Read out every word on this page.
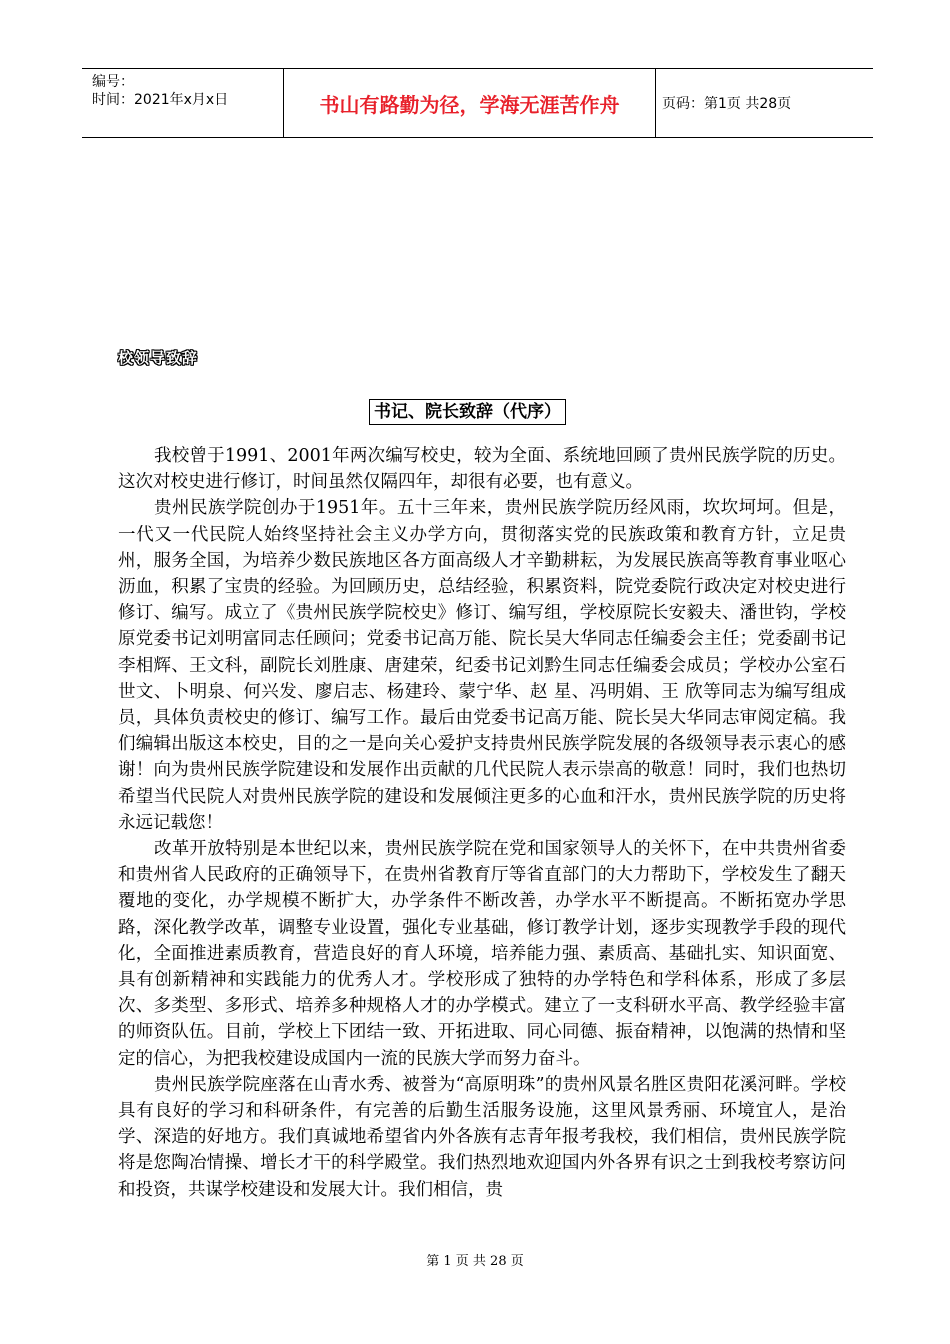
编号：
时间：2021年x月x日	书山有路勤为径，学海无涯苦作舟	页码：第1页 共28页
校领导致辞
书记、院长致辞（代序）

我校曾于1991、2001年两次编写校史，较为全面、系统地回顾了贵州民族学院的历史。这次对校史进行修订，时间虽然仅隔四年，却很有必要，也有意义。

贵州民族学院创办于1951年。五十三年来，贵州民族学院历经风雨，坎坎坷坷。但是，一代又一代民院人始终坚持社会主义办学方向，贯彻落实党的民族政策和教育方针，立足贵州，服务全国，为培养少数民族地区各方面高级人才辛勤耕耘，为发展民族高等教育事业呕心沥血，积累了宝贵的经验。为回顾历史，总结经验，积累资料，院党委院行政决定对校史进行修订、编写。成立了《贵州民族学院校史》修订、编写组，学校原院长安毅夫、潘世钧，学校原党委书记刘明富同志任顾问；党委书记高万能、院长吴大华同志任编委会主任；党委副书记李相辉、王文科，副院长刘胜康、唐建荣，纪委书记刘黔生同志任编委会成员；学校办公室石世文、卜明泉、何兴发、廖启志、杨建玲、蒙宁华、赵 星、冯明娟、王 欣等同志为编写组成员，具体负责校史的修订、编写工作。最后由党委书记高万能、院长吴大华同志审阅定稿。我们编辑出版这本校史，目的之一是向关心爱护支持贵州民族学院发展的各级领导表示衷心的感谢！向为贵州民族学院建设和发展作出贡献的几代民院人表示崇高的敬意！同时，我们也热切希望当代民院人对贵州民族学院的建设和发展倾注更多的心血和汗水，贵州民族学院的历史将永远记载您！

改革开放特别是本世纪以来，贵州民族学院在党和国家领导人的关怀下，在中共贵州省委和贵州省人民政府的正确领导下，在贵州省教育厅等省直部门的大力帮助下，学校发生了翻天覆地的变化，办学规模不断扩大，办学条件不断改善，办学水平不断提高。不断拓宽办学思路，深化教学改革，调整专业设置，强化专业基础，修订教学计划，逐步实现教学手段的现代化，全面推进素质教育，营造良好的育人环境，培养能力强、素质高、基础扎实、知识面宽、具有创新精神和实践能力的优秀人才。学校形成了独特的办学特色和学科体系，形成了多层次、多类型、多形式、培养多种规格人才的办学模式。建立了一支科研水平高、教学经验丰富的师资队伍。目前，学校上下团结一致、开拓进取、同心同德、振奋精神，以饱满的热情和坚定的信心，为把我校建设成国内一流的民族大学而努力奋斗。

贵州民族学院座落在山青水秀、被誉为“高原明珠”的贵州风景名胜区贵阳花溪河畔。学校具有良好的学习和科研条件，有完善的后勤生活服务设施，这里风景秀丽、环境宜人，是治学、深造的好地方。我们真诚地希望省内外各族有志青年报考我校，我们相信，贵州民族学院将是您陶冶情操、增长才干的科学殿堂。我们热烈地欢迎国内外各界有识之士到我校考察访问和投资，共谋学校建设和发展大计。我们相信，贵

第 1 页 共 28 页
